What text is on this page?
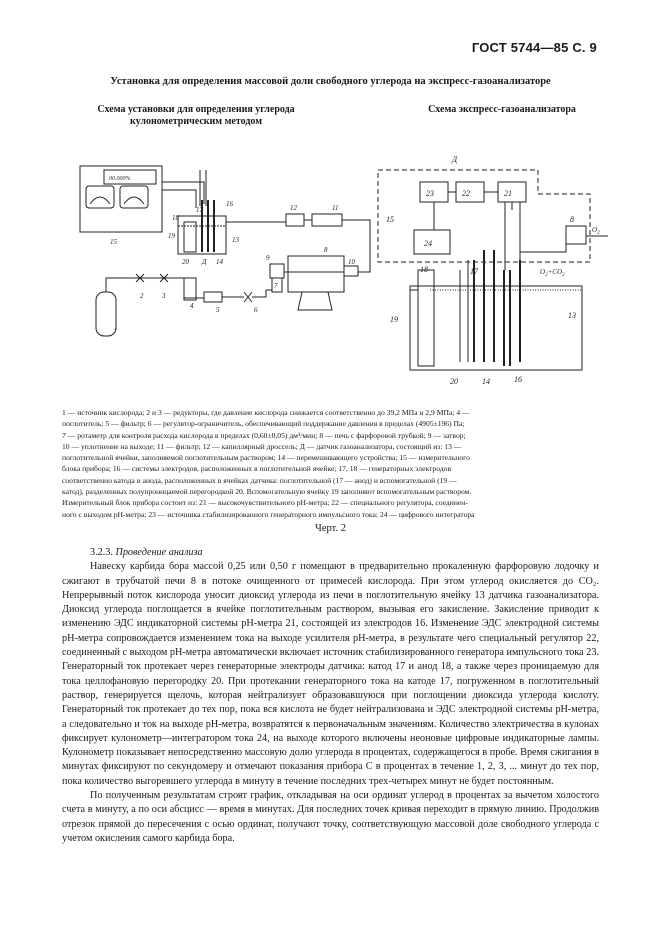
ГОСТ 5744—85 С. 9
Установка для определения массовой доли свободного углерода на экспресс-газоанализаторе
Схема установки для определения углерода
кулонометрическим методом
Схема экспресс-газоанализатора
1
2	3
4	5	6
7
8
9	10
11
12
13
14
15
16
17
18
19
20 Д
00.000%
Д
23	22	21
24
15
18	17
19
20	14	16
13
8
$O_2$
$O_2+CO_2$
1 — источник кислорода; 2 и 3 — редукторы, где давление кислорода снижается соответственно до 39,2 МПа и 2,9 МПа; 4 —
поглотитель; 5 — фильтр; 6 — регулятор-ограничитель, обеспечивающий поддержание давления в пределах (4905±196) Па;
7 — ротаметр для контроля расхода кислорода в пределах (0,60±0,05) дм³/мин; 8 — печь с фарфоровой трубкой; 9 — затвор;
10 — уплотнение на выходе; 11 — фильтр; 12 — капиллярный дроссель; Д — датчик газоанализатора, состоящий из: 13 —
поглотительной ячейки, заполняемой поглотительным раствором; 14 — перемешивающего устройства; 15 — измерительного
блока прибора; 16 — системы электродов, расположенных в поглотительной ячейке; 17, 18 — генераторных электродов
соответственно катода и анода, расположенных в ячейках датчика: поглотительной (17 — анод) и вспомогательной (19 —
катод), разделенных полупроницаемой перегородкой 20. Вспомогательную ячейку 19 заполняют вспомогательным раствором.
Измерительный блок прибора состоит из: 21 — высокочувствительного рН-метра; 22 — специального регулятора, соединен-
ного с выходом рН-метра; 23 — источника стабилизированного генераторного импульсного тока; 24 — цифрового интегратора
Черт. 2

3.2.3. Проведение анализа

Навеску карбида бора массой 0,25 или 0,50 г помещают в предварительно прокаленную фарфоровую лодочку и сжигают в трубчатой печи 8 в потоке очищенного от примесей кислорода. При этом углерод окисляется до CO₂. Непрерывный поток кислорода уносит диоксид углерода из печи в поглотительную ячейку 13 датчика газоанализатора. Диоксид углерода поглощается в ячейке поглотительным раствором, вызывая его закисление. Закисление приводит к изменению ЭДС индикаторной системы рН-метра 21, состоящей из электродов 16. Изменение ЭДС электродной системы рН-метра сопровождается изменением тока на выходе усилителя рН-метра, в результате чего специальный регулятор 22, соединенный с выходом рН-метра автоматически включает источник стабилизированного генератора импульсного тока 23. Генераторный ток протекает через генераторные электроды датчика: катод 17 и анод 18, а также через проницаемую для тока целлофановую перегородку 20. При протекании генераторного тока на катоде 17, погруженном в поглотительный раствор, генерируется щелочь, которая нейтрализует образовавшуюся при поглощении диоксида углерода кислоту. Генераторный ток протекает до тех пор, пока вся кислота не будет нейтрализована и ЭДС электродной системы рН-метра, а следовательно и ток на выходе рН-метра, возвратятся к первоначальным значениям. Количество электричества в кулонах фиксирует кулонометр—интегратором тока 24, на выходе которого включены неоновые цифровые индикаторные лампы. Кулонометр показывает непосредственно массовую долю углерода в процентах, содержащегося в пробе. Время сжигания в минутах фиксируют по секундомеру и отмечают показания прибора С в процентах в течение 1, 2, 3, ... минут до тех пор, пока количество выгоревшего углерода в минуту в течение последних трех-четырех минут не будет постоянным.

По полученным результатам строят график, откладывая на оси ординат углерод в процентах за вычетом холостого счета в минуту, а по оси абсцисс — время в минутах. Для последних точек кривая переходит в прямую линию. Продолжив отрезок прямой до пересечения с осью ординат, получают точку, соответствующую массовой доле свободного углерода с учетом окисления самого карбида бора.
